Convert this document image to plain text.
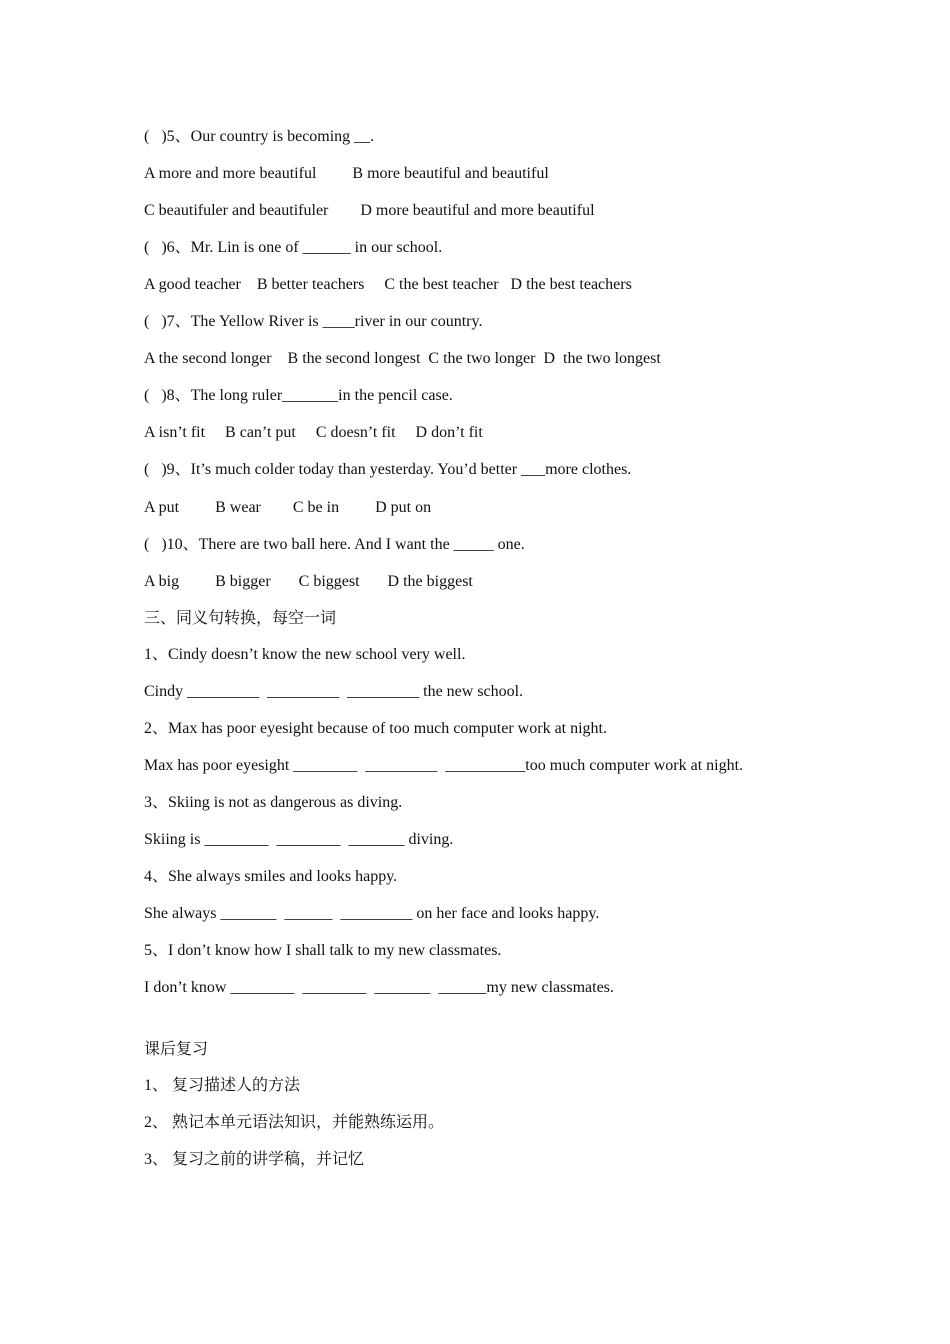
(   )5、Our country is becoming __.
A more and more beautiful         B more beautiful and beautiful
C beautifuler and beautifuler        D more beautiful and more beautiful
(   )6、Mr. Lin is one of ______ in our school.
A good teacher    B better teachers     C the best teacher   D the best teachers
(   )7、The Yellow River is ____river in our country.
A the second longer    B the second longest  C the two longer  D  the two longest
(   )8、The long ruler_______in the pencil case.
A isn’t fit     B can’t put     C doesn’t fit     D don’t fit
(   )9、It’s much colder today than yesterday. You’d better ___more clothes.
A put         B wear        C be in         D put on
(   )10、There are two ball here. And I want the _____ one.
A big         B bigger       C biggest       D the biggest
三、同义句转换，每空一词
1、Cindy doesn’t know the new school very well.
Cindy _________  _________  _________ the new school.
2、Max has poor eyesight because of too much computer work at night.
Max has poor eyesight ________  _________  __________too much computer work at night.
3、Skiing is not as dangerous as diving.
Skiing is ________  ________  _______ diving.
4、She always smiles and looks happy.
She always _______  ______  _________ on her face and looks happy.
5、I don’t know how I shall talk to my new classmates.
I don’t know ________  ________  _______  ______my new classmates.
课后复习
1、 复习描述人的方法
2、 熟记本单元语法知识，并能熟练运用。
3、 复习之前的讲学稿，并记忆
